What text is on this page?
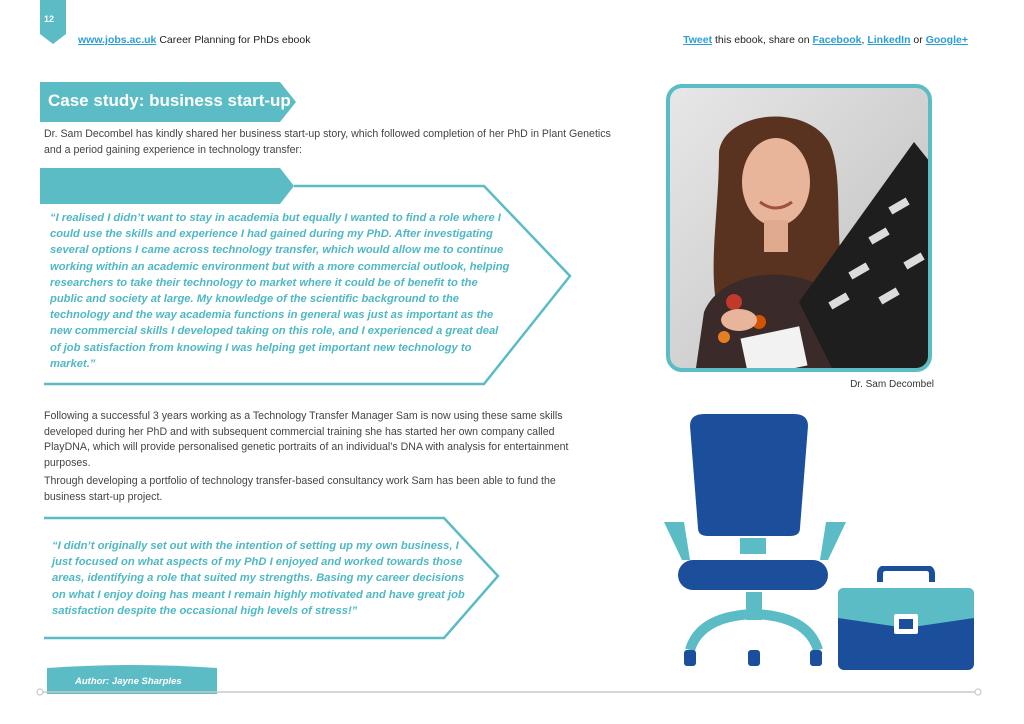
12
www.jobs.ac.uk Career Planning for PhDs ebook	Tweet this ebook, share on Facebook, LinkedIn or Google+
Case study: business start-up
Dr. Sam Decombel has kindly shared her business start-up story, which followed completion of her PhD in Plant Genetics and a period gaining experience in technology transfer:
“I realised I didn’t want to stay in academia but equally I wanted to find a role where I could use the skills and experience I had gained during my PhD. After investigating several options I came across technology transfer, which would allow me to continue working within an academic environment but with a more commercial outlook, helping researchers to take their technology to market where it could be of benefit to the public and society at large. My knowledge of the scientific background to the technology and the way academia functions in general was just as important as the new commercial skills I developed taking on this role, and I experienced a great deal of job satisfaction from knowing I was helping get important new technology to market.”
Following a successful 3 years working as a Technology Transfer Manager Sam is now using these same skills developed during her PhD and with subsequent commercial training she has started her own company called PlayDNA, which will provide personalised genetic portraits of an individual’s DNA with analysis for entertainment purposes.
Through developing a portfolio of technology transfer-based consultancy work Sam has been able to fund the business start-up project.
“I didn’t originally set out with the intention of setting up my own business, I just focused on what aspects of my PhD I enjoyed and worked towards those areas, identifying a role that suited my strengths. Basing my career decisions on what I enjoy doing has meant I remain highly motivated and have great job satisfaction despite the occasional high levels of stress!”
Dr. Sam Decombel
Author: Jayne Sharples
